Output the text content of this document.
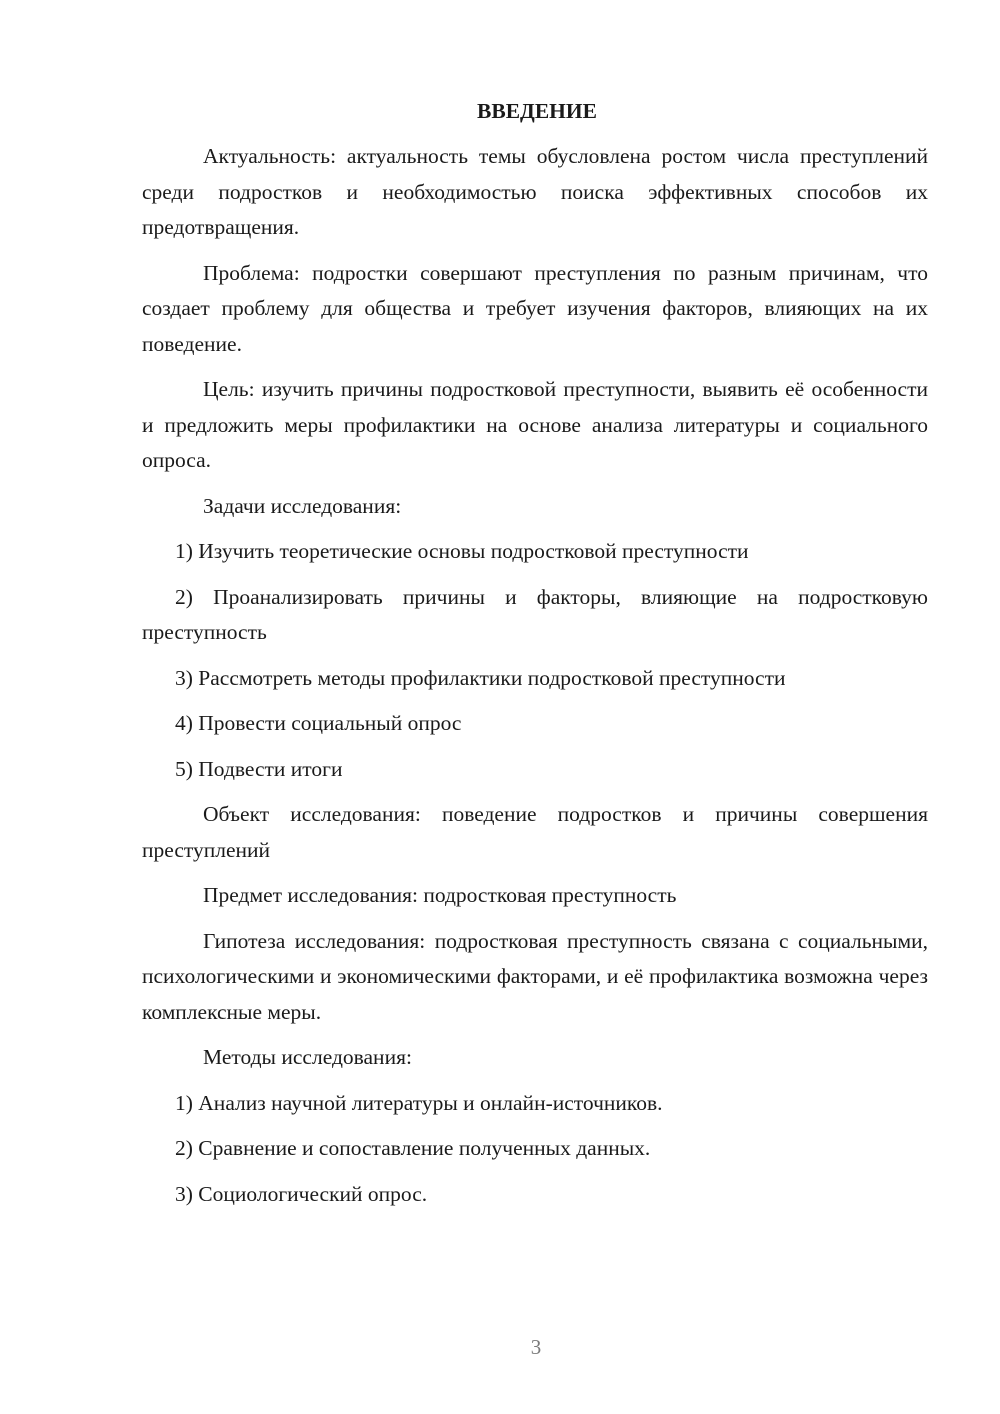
ВВЕДЕНИЕ

Актуальность: актуальность темы обусловлена ростом числа преступлений среди подростков и необходимостью поиска эффективных способов их предотвращения.

Проблема: подростки совершают преступления по разным причинам, что создает проблему для общества и требует изучения факторов, влияющих на их поведение.

Цель: изучить причины подростковой преступности, выявить её особенности и предложить меры профилактики на основе анализа литературы и социального опроса.

Задачи исследования:

1) Изучить теоретические основы подростковой преступности

2) Проанализировать причины и факторы, влияющие на подростковую преступность

3) Рассмотреть методы профилактики подростковой преступности

4) Провести социальный опрос

5) Подвести итоги

Объект исследования: поведение подростков и причины совершения преступлений

Предмет исследования: подростковая преступность

Гипотеза исследования: подростковая преступность связана с социальными, психологическими и экономическими факторами, и её профилактика возможна через комплексные меры.

Методы исследования:

1) Анализ научной литературы и онлайн-источников.

2) Сравнение и сопоставление полученных данных.

3) Социологический опрос.

3
